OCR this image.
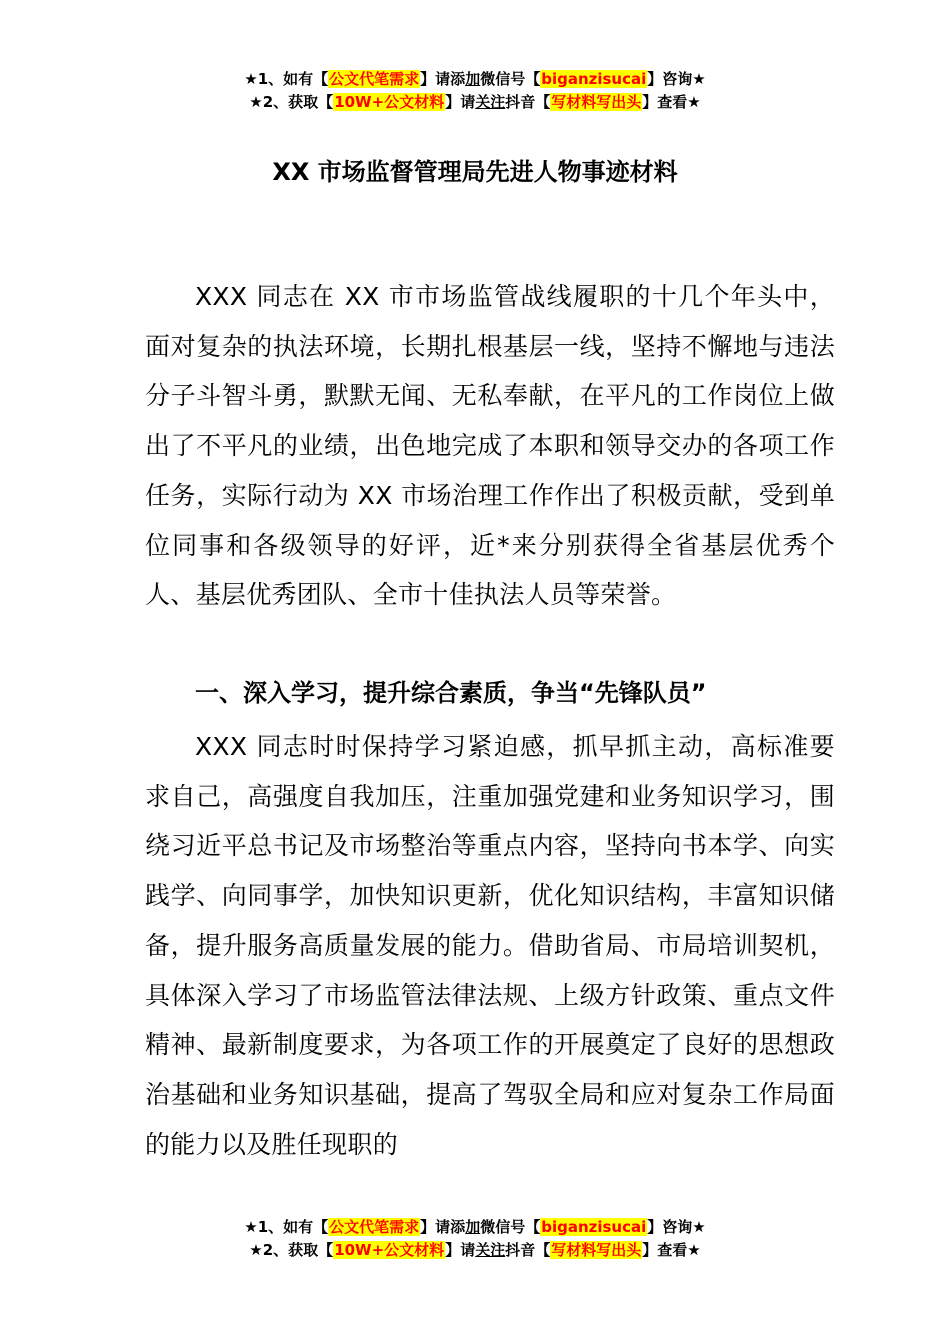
★1、如有【公文代笔需求】请添加微信号【biganzisucai】咨询★
★2、获取【10W+公文材料】请关注抖音【写材料写出头】查看★
XX 市场监督管理局先进人物事迹材料

XXX 同志在 XX 市市场监管战线履职的十几个年头中，面对复杂的执法环境，长期扎根基层一线，坚持不懈地与违法分子斗智斗勇，默默无闻、无私奉献，在平凡的工作岗位上做出了不平凡的业绩，出色地完成了本职和领导交办的各项工作任务，实际行动为 XX 市场治理工作作出了积极贡献，受到单位同事和各级领导的好评，近*来分别获得全省基层优秀个人、基层优秀团队、全市十佳执法人员等荣誉。

一、深入学习，提升综合素质，争当“先锋队员”

XXX 同志时时保持学习紧迫感，抓早抓主动，高标准要求自己，高强度自我加压，注重加强党建和业务知识学习，围绕习近平总书记及市场整治等重点内容，坚持向书本学、向实践学、向同事学，加快知识更新，优化知识结构，丰富知识储备，提升服务高质量发展的能力。借助省局、市局培训契机，具体深入学习了市场监管法律法规、上级方针政策、重点文件精神、最新制度要求，为各项工作的开展奠定了良好的思想政治基础和业务知识基础，提高了驾驭全局和应对复杂工作局面的能力以及胜任现职的

★1、如有【公文代笔需求】请添加微信号【biganzisucai】咨询★
★2、获取【10W+公文材料】请关注抖音【写材料写出头】查看★
